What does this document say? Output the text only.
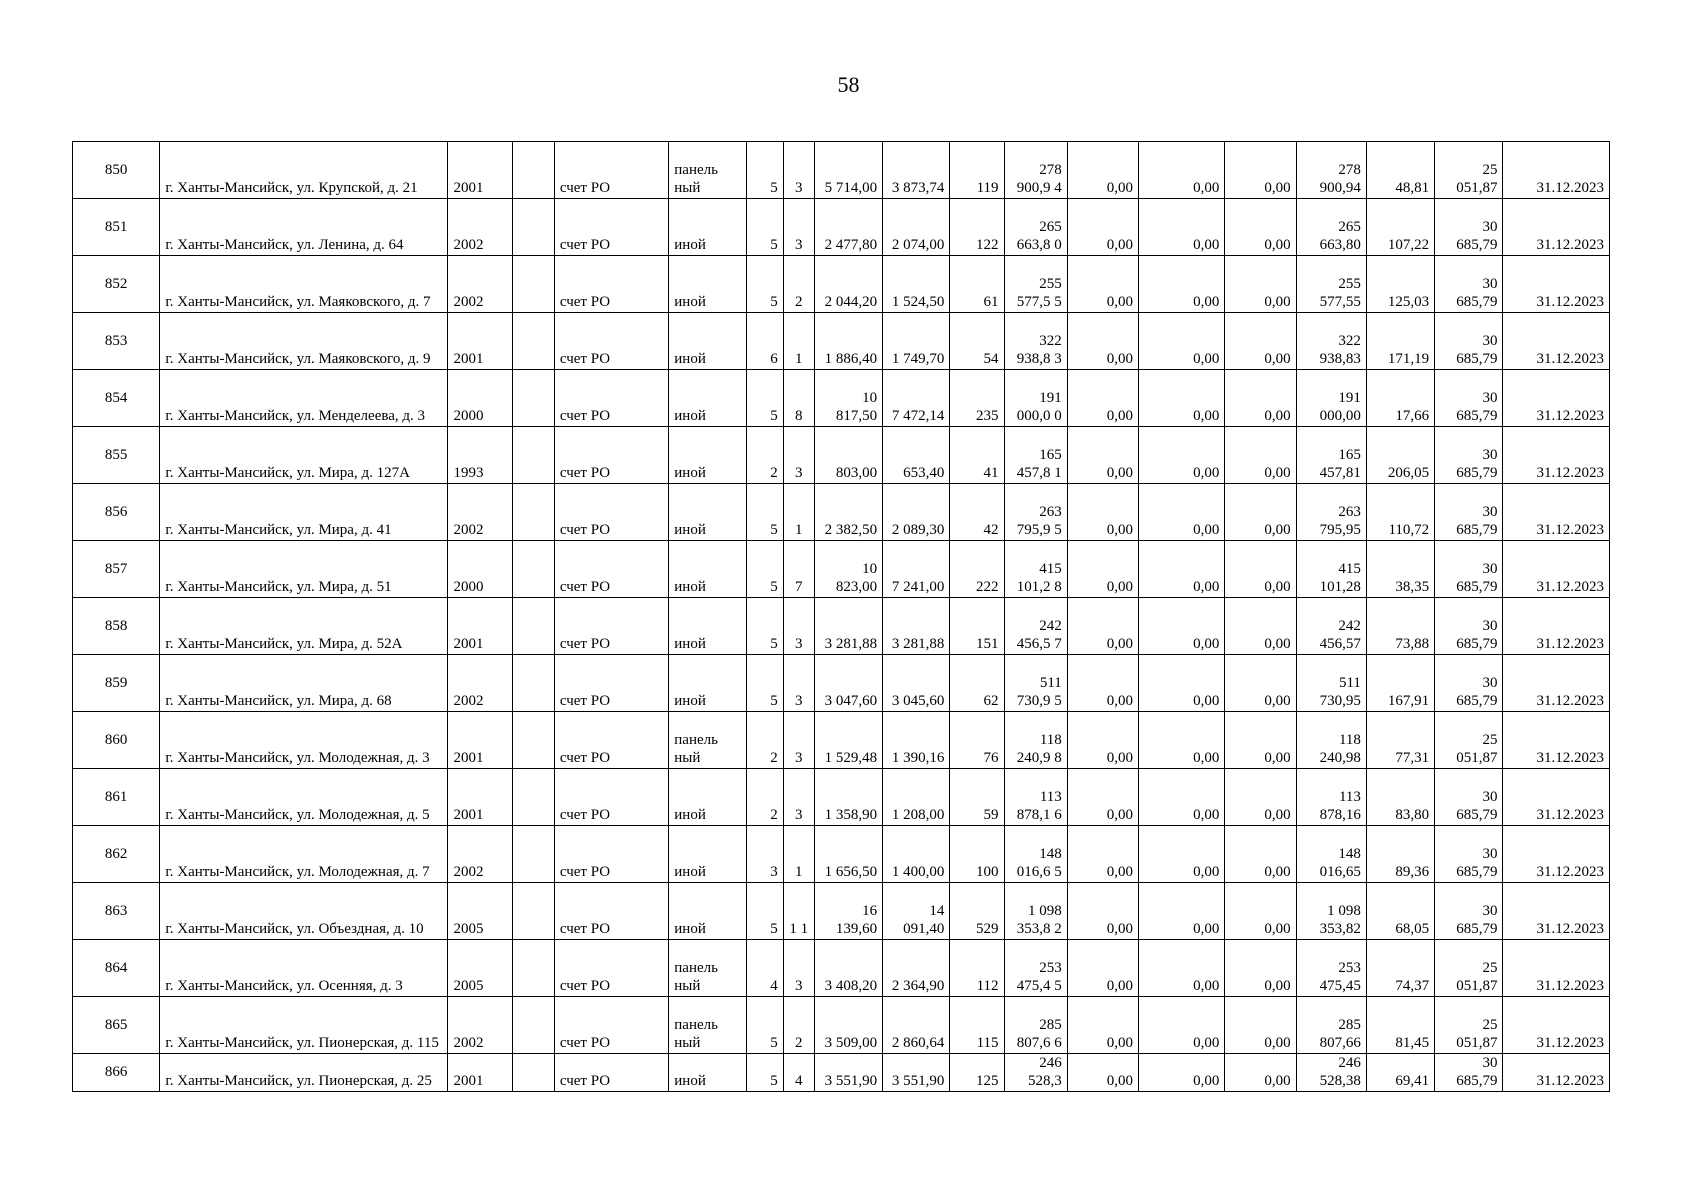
58
850	г. Ханты-Мансийск, ул. Крупской, д. 21	2001		счет РО	панель ный	5	3	5 714,00	3 873,74	119	278 900,9 4	0,00	0,00	0,00	278 900,94	48,81	25 051,87	31.12.2023
851	г. Ханты-Мансийск, ул. Ленина, д. 64	2002		счет РО	иной	5	3	2 477,80	2 074,00	122	265 663,8 0	0,00	0,00	0,00	265 663,80	107,22	30 685,79	31.12.2023
852	г. Ханты-Мансийск, ул. Маяковского, д. 7	2002		счет РО	иной	5	2	2 044,20	1 524,50	61	255 577,5 5	0,00	0,00	0,00	255 577,55	125,03	30 685,79	31.12.2023
853	г. Ханты-Мансийск, ул. Маяковского, д. 9	2001		счет РО	иной	6	1	1 886,40	1 749,70	54	322 938,8 3	0,00	0,00	0,00	322 938,83	171,19	30 685,79	31.12.2023
854	г. Ханты-Мансийск, ул. Менделеева, д. 3	2000		счет РО	иной	5	8	10 817,50	7 472,14	235	191 000,0 0	0,00	0,00	0,00	191 000,00	17,66	30 685,79	31.12.2023
855	г. Ханты-Мансийск, ул. Мира, д. 127А	1993		счет РО	иной	2	3	803,00	653,40	41	165 457,8 1	0,00	0,00	0,00	165 457,81	206,05	30 685,79	31.12.2023
856	г. Ханты-Мансийск, ул. Мира, д. 41	2002		счет РО	иной	5	1	2 382,50	2 089,30	42	263 795,9 5	0,00	0,00	0,00	263 795,95	110,72	30 685,79	31.12.2023
857	г. Ханты-Мансийск, ул. Мира, д. 51	2000		счет РО	иной	5	7	10 823,00	7 241,00	222	415 101,2 8	0,00	0,00	0,00	415 101,28	38,35	30 685,79	31.12.2023
858	г. Ханты-Мансийск, ул. Мира, д. 52А	2001		счет РО	иной	5	3	3 281,88	3 281,88	151	242 456,5 7	0,00	0,00	0,00	242 456,57	73,88	30 685,79	31.12.2023
859	г. Ханты-Мансийск, ул. Мира, д. 68	2002		счет РО	иной	5	3	3 047,60	3 045,60	62	511 730,9 5	0,00	0,00	0,00	511 730,95	167,91	30 685,79	31.12.2023
860	г. Ханты-Мансийск, ул. Молодежная, д. 3	2001		счет РО	панель ный	2	3	1 529,48	1 390,16	76	118 240,9 8	0,00	0,00	0,00	118 240,98	77,31	25 051,87	31.12.2023
861	г. Ханты-Мансийск, ул. Молодежная, д. 5	2001		счет РО	иной	2	3	1 358,90	1 208,00	59	113 878,1 6	0,00	0,00	0,00	113 878,16	83,80	30 685,79	31.12.2023
862	г. Ханты-Мансийск, ул. Молодежная, д. 7	2002		счет РО	иной	3	1	1 656,50	1 400,00	100	148 016,6 5	0,00	0,00	0,00	148 016,65	89,36	30 685,79	31.12.2023
863	г. Ханты-Мансийск, ул. Объездная, д. 10	2005		счет РО	иной	5	1 1	16 139,60	14 091,40	529	1 098 353,8 2	0,00	0,00	0,00	1 098 353,82	68,05	30 685,79	31.12.2023
864	г. Ханты-Мансийск, ул. Осенняя, д. 3	2005		счет РО	панель ный	4	3	3 408,20	2 364,90	112	253 475,4 5	0,00	0,00	0,00	253 475,45	74,37	25 051,87	31.12.2023
865	г. Ханты-Мансийск, ул. Пионерская, д. 115	2002		счет РО	панель ный	5	2	3 509,00	2 860,64	115	285 807,6 6	0,00	0,00	0,00	285 807,66	81,45	25 051,87	31.12.2023
866	г. Ханты-Мансийск, ул. Пионерская, д. 25	2001		счет РО	иной	5	4	3 551,90	3 551,90	125	246 528,3	0,00	0,00	0,00	246 528,38	69,41	30 685,79	31.12.2023
